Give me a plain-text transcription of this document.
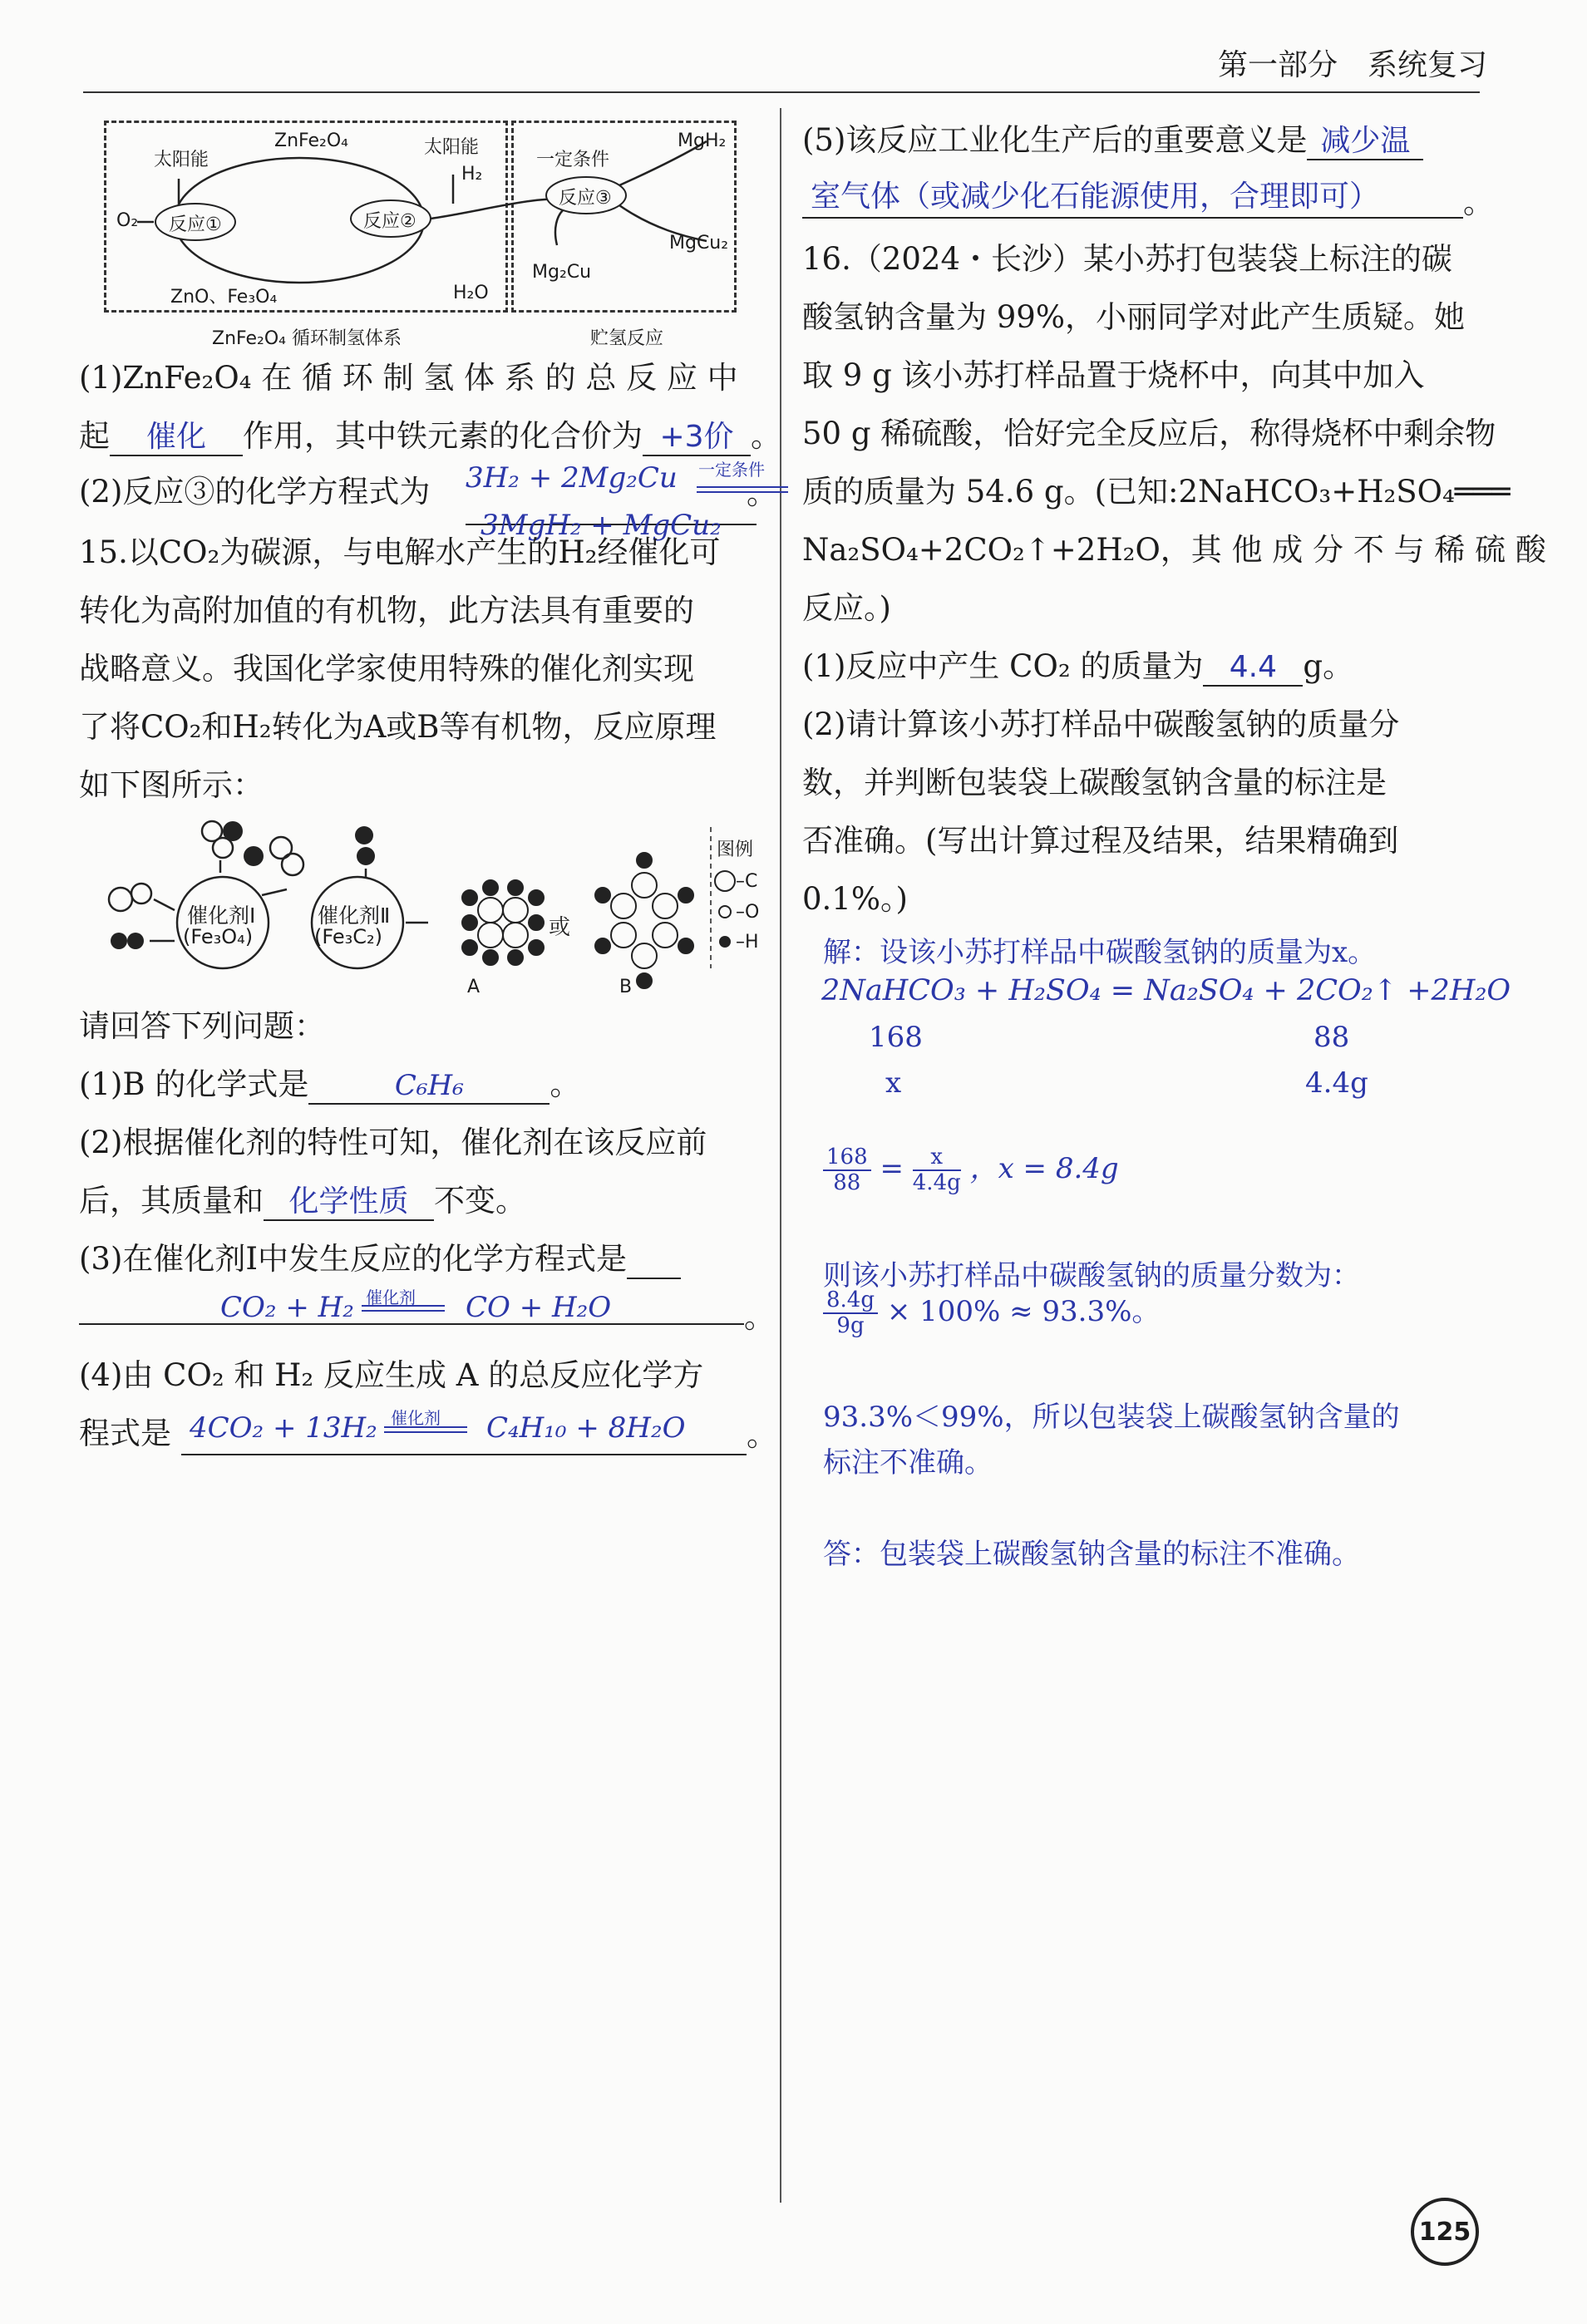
第一部分　系统复习
太阳能
ZnFe₂O₄	太阳能
H₂
O₂ 反应①	反应②
ZnO、Fe₃O₄	H₂O
一定条件
反应③
MgH₂
MgCu₂
Mg₂Cu
ZnFe₂O₄ 循环制氢体系	贮氢反应
(1)ZnFe₂O₄ 在 循 环 制 氢 体 系 的 总 反 应 中
起 催化 作用，其中铁元素的化合价为 +3价 。
(2)反应③的化学方程式为 3H₂ + 2Mg₂Cu 一定条件
3MgH₂ + MgCu₂
。
15.以CO₂为碳源，与电解水产生的H₂经催化可
转化为高附加值的有机物，此方法具有重要的
战略意义。我国化学家使用特殊的催化剂实现
了将CO₂和H₂转化为A或B等有机物，反应原理
如下图所示：
催化剂Ⅰ
(Fe₃O₄)
催化剂Ⅱ
(Fe₃C₂)	或
A	B
图例
–C
–O
–H
请回答下列问题：
(1)B 的化学式是	C₆H₆	。
(2)根据催化剂的特性可知，催化剂在该反应前
后，其质量和 化学性质 不变。
(3)在催化剂Ⅰ中发生反应的化学方程式是
CO₂ + H₂ 催化剂 CO + H₂O	。
(4)由 CO₂ 和 H₂ 反应生成 A 的总反应化学方
程式是 4CO₂ + 13H₂ 催化剂 C₄H₁₀ + 8H₂O 。
(5)该反应工业化生产后的重要意义是 减少温
室气体（或减少化石能源使用，合理即可）	。
16.（2024・长沙）某小苏打包装袋上标注的碳
酸氢钠含量为 99%，小丽同学对此产生质疑。她
取 9 g 该小苏打样品置于烧杯中，向其中加入
50 g 稀硫酸，恰好完全反应后，称得烧杯中剩余物
质的质量为 54.6 g。(已知:2NaHCO₃+H₂SO₄═══
Na₂SO₄+2CO₂↑+2H₂O，其 他 成 分 不 与 稀 硫 酸
反应。)
(1)反应中产生 CO₂ 的质量为 4.4 g。
(2)请计算该小苏打样品中碳酸氢钠的质量分
数，并判断包装袋上碳酸氢钠含量的标注是
否准确。(写出计算过程及结果，结果精确到
0.1%。)
解：设该小苏打样品中碳酸氢钠的质量为x。
2NaHCO₃ + H₂SO₄ = Na₂SO₄ + 2CO₂↑ +2H₂O
168	88
x	4.4g
$\frac{168}{88} = \frac{x}{4.4g}$ ，x = 8.4g
则该小苏打样品中碳酸氢钠的质量分数为：
$\frac{8.4g}{9g} \times 100\% \approx 93.3\%$。
93.3%＜99%，所以包装袋上碳酸氢钠含量的
标注不准确。
答：包装袋上碳酸氢钠含量的标注不准确。
125
